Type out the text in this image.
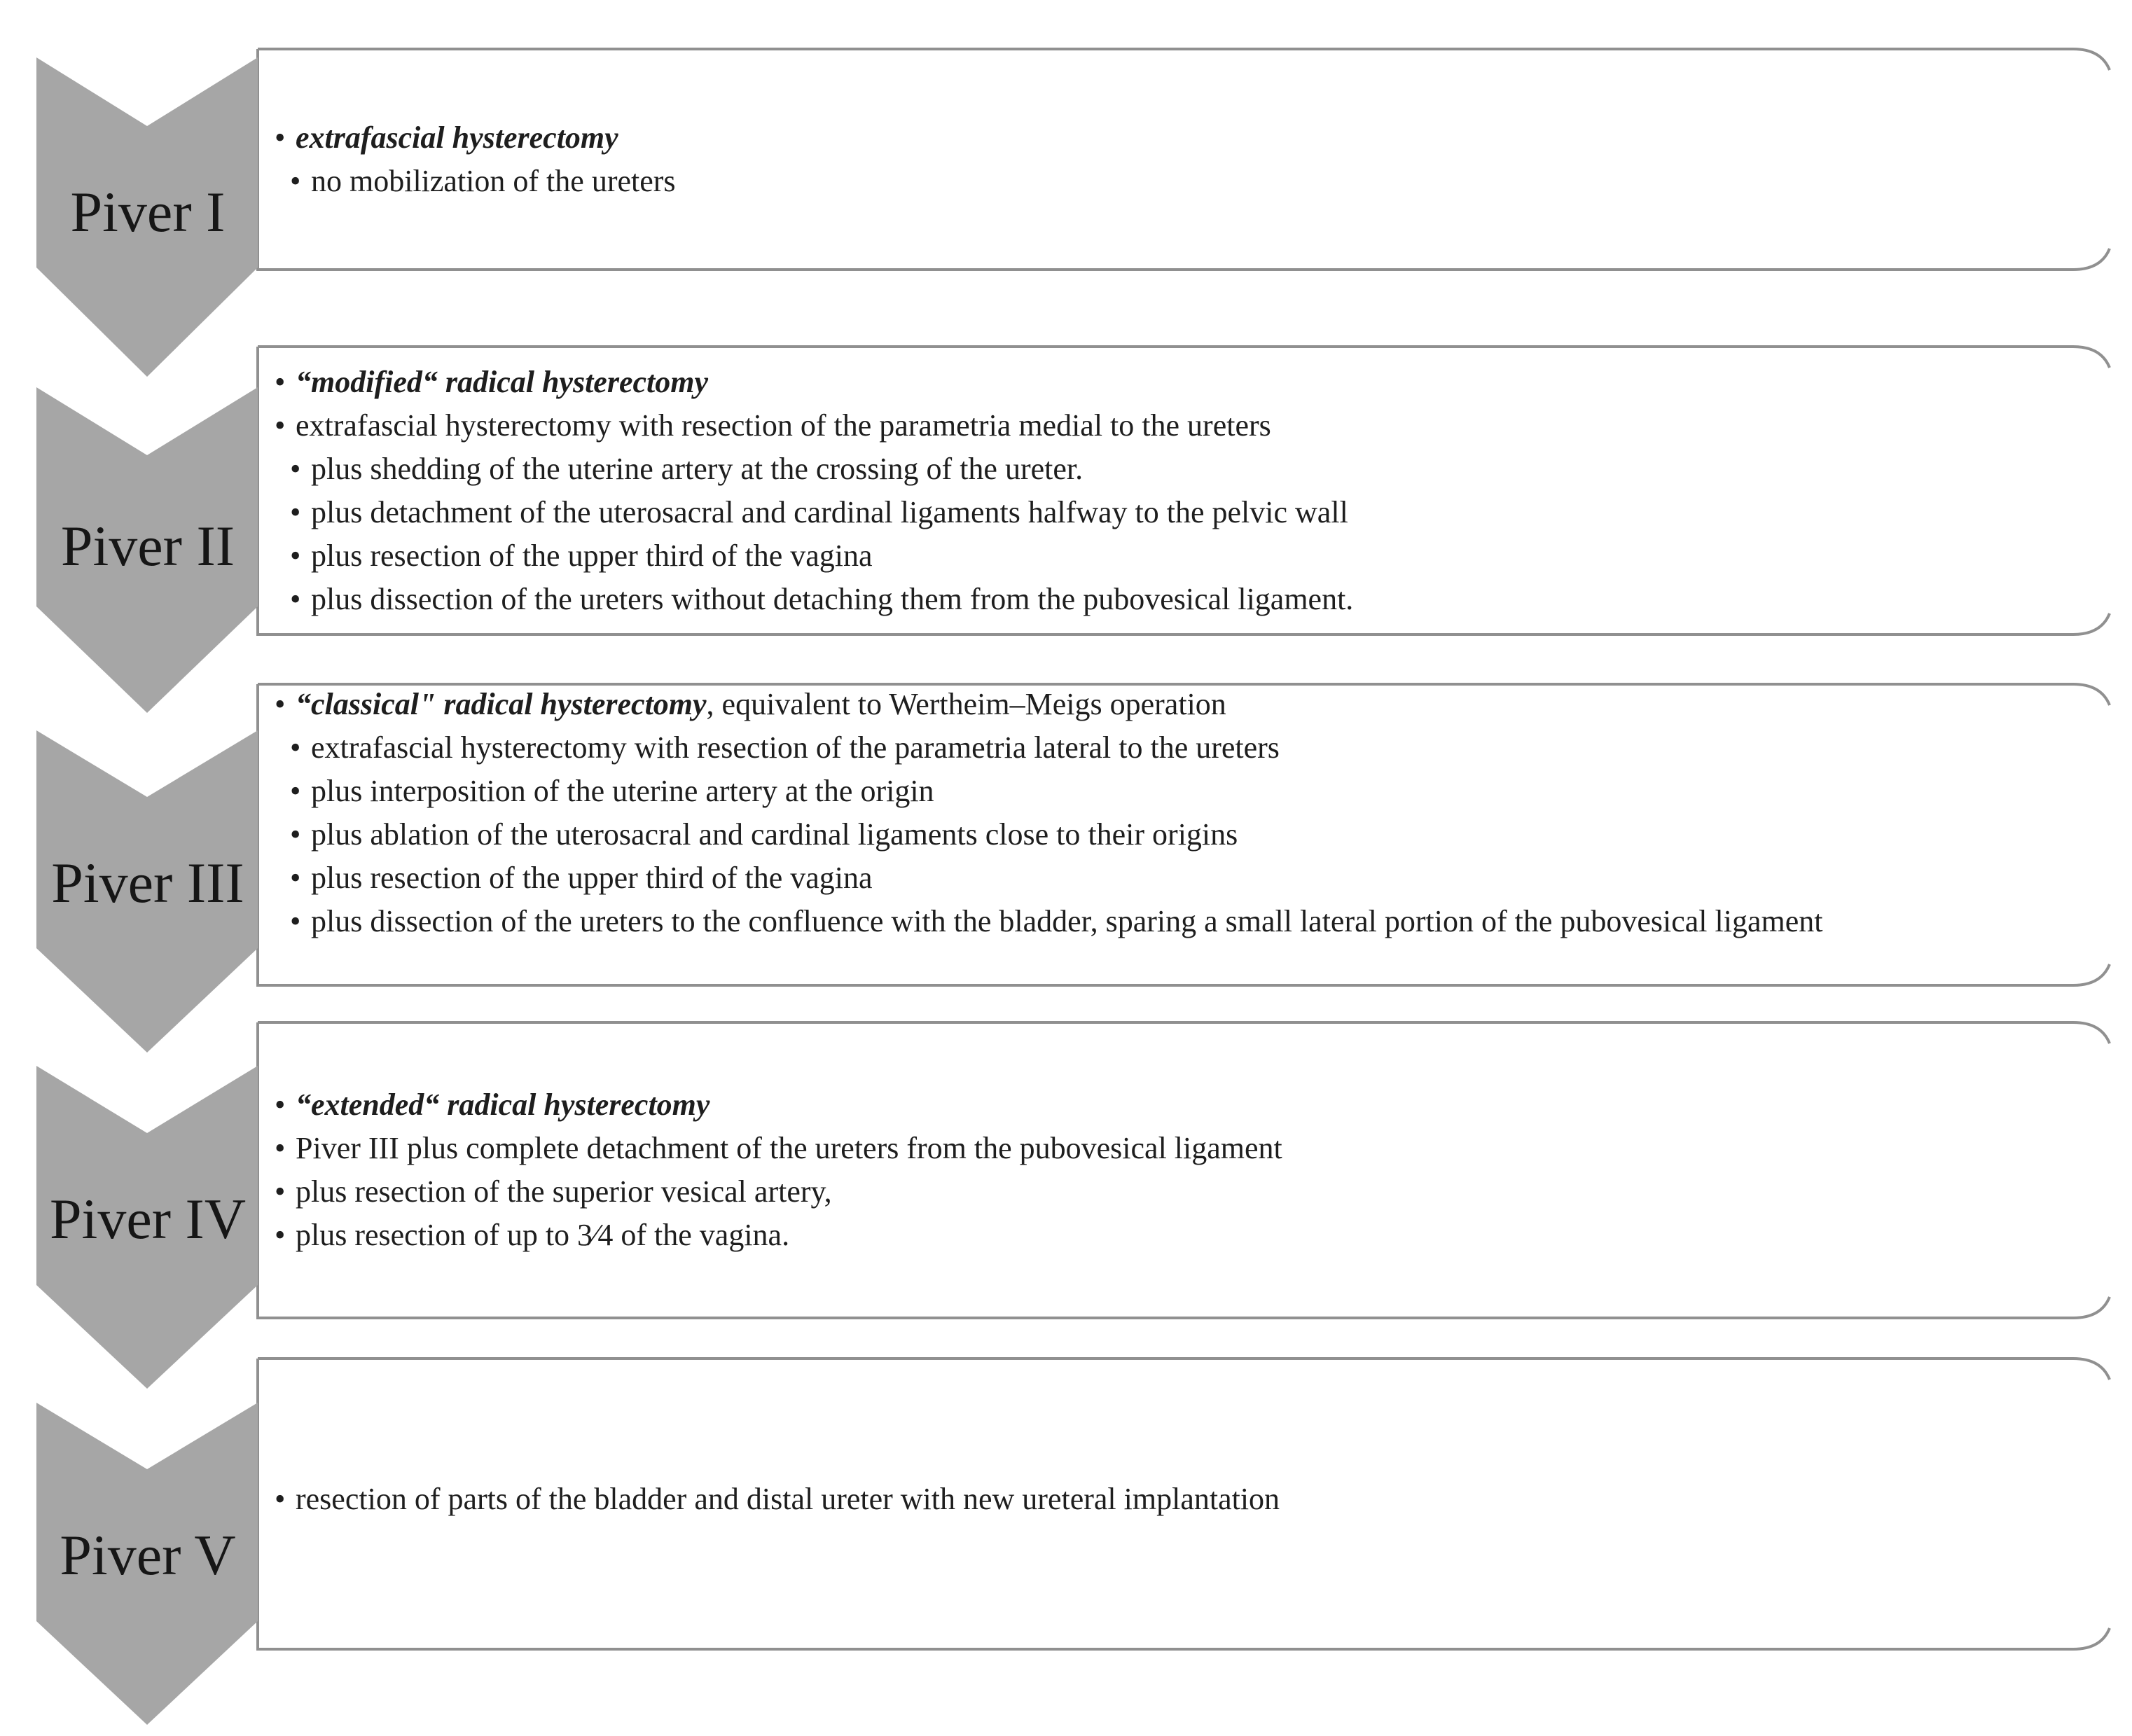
Piver I
Piver II
Piver III
Piver IV
Piver V
• extrafascial hysterectomy
• no mobilization of the ureters
• “modified“ radical hysterectomy
• extrafascial hysterectomy with resection of the parametria medial to the ureters
• plus shedding of the uterine artery at the crossing of the ureter.
• plus detachment of the uterosacral and cardinal ligaments halfway to the pelvic wall
• plus resection of the upper third of the vagina
• plus dissection of the ureters without detaching them from the pubovesical ligament.
• “classical" radical hysterectomy, equivalent to Wertheim–Meigs operation
• extrafascial hysterectomy with resection of the parametria lateral to the ureters
• plus interposition of the uterine artery at the origin
• plus ablation of the uterosacral and cardinal ligaments close to their origins
• plus resection of the upper third of the vagina
• plus dissection of the ureters to the confluence with the bladder, sparing a small lateral portion of the pubovesical ligament
• “extended“ radical hysterectomy
• Piver III plus complete detachment of the ureters from the pubovesical ligament
• plus resection of the superior vesical artery,
• plus resection of up to 3⁄4 of the vagina.
• resection of parts of the bladder and distal ureter with new ureteral implantation
